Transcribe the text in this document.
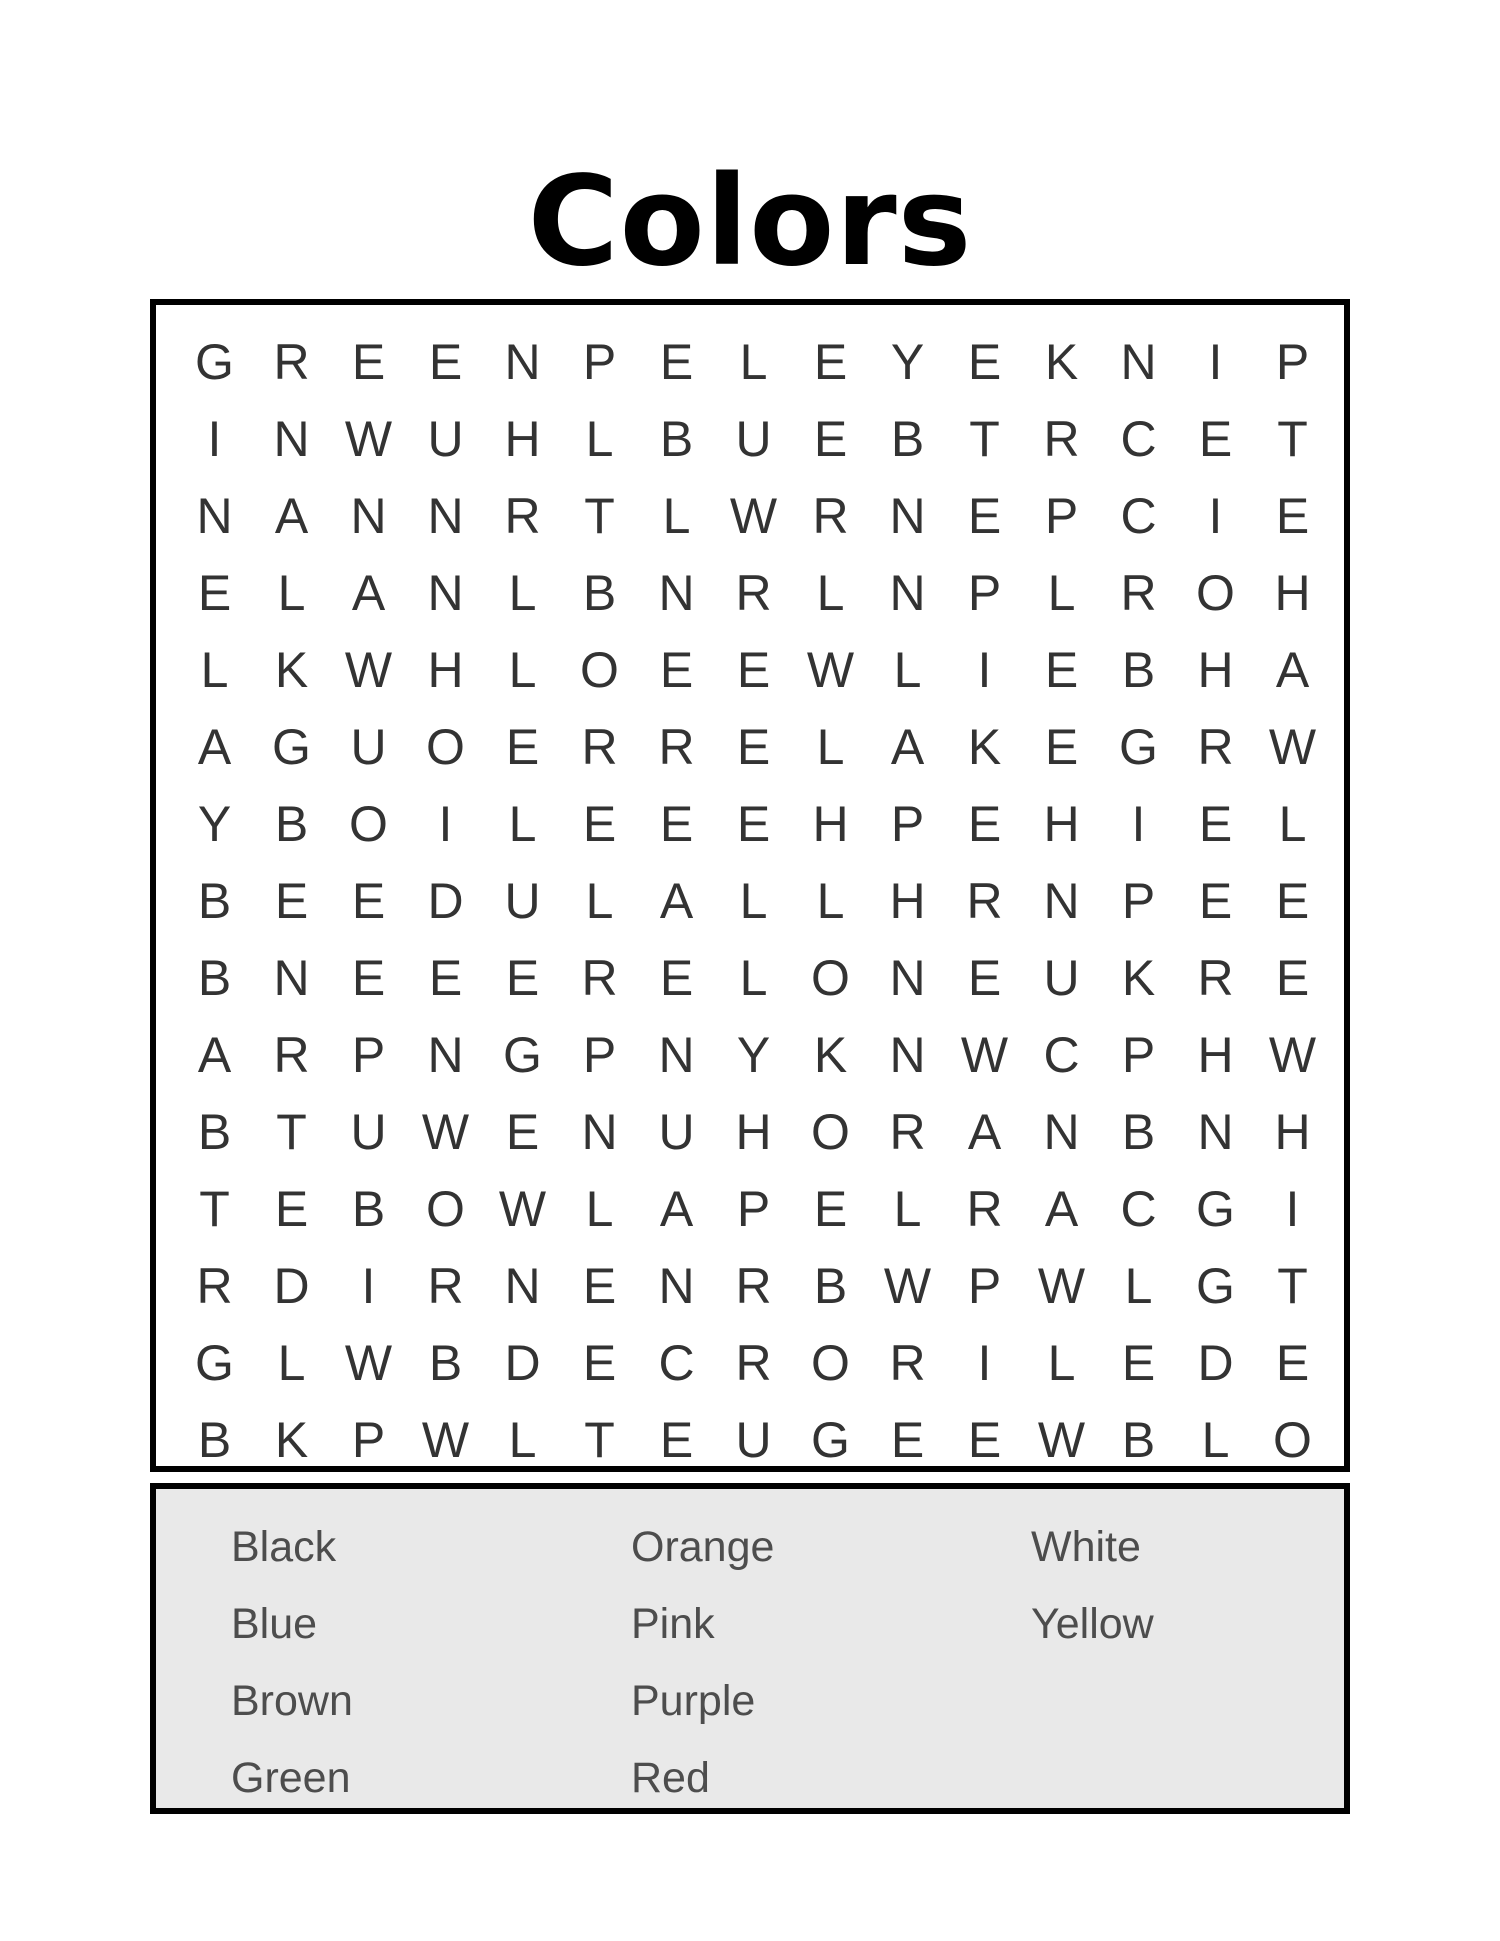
Colors
G R E E N P E L E Y E K N	I	P
I	N W U H L B U E B T R C E T
N A N N R T L W R N E P C	I	E
E L A N L B N R L N P L R O H
L K W H L O E E W L	I	E B H A
A G U O E R R E L A K E G R W
Y B O	I	L E E E H P E H	I	E L
B E E D U L A L L H R N P E E
B N E E E R E L O N E U K R E
A R P N G P N Y K N W C P H W
B T U W E N U H O R A N B N H
T E B O W L A P E L R A C G	I
R D	I	R N E N R B W P W L G T
G L W B D E C R O R	I	L E D E
B K P W L T E U G E E W B L O
Black
Blue
Brown
Green
Orange
Pink
Purple
Red
White
Yellow
